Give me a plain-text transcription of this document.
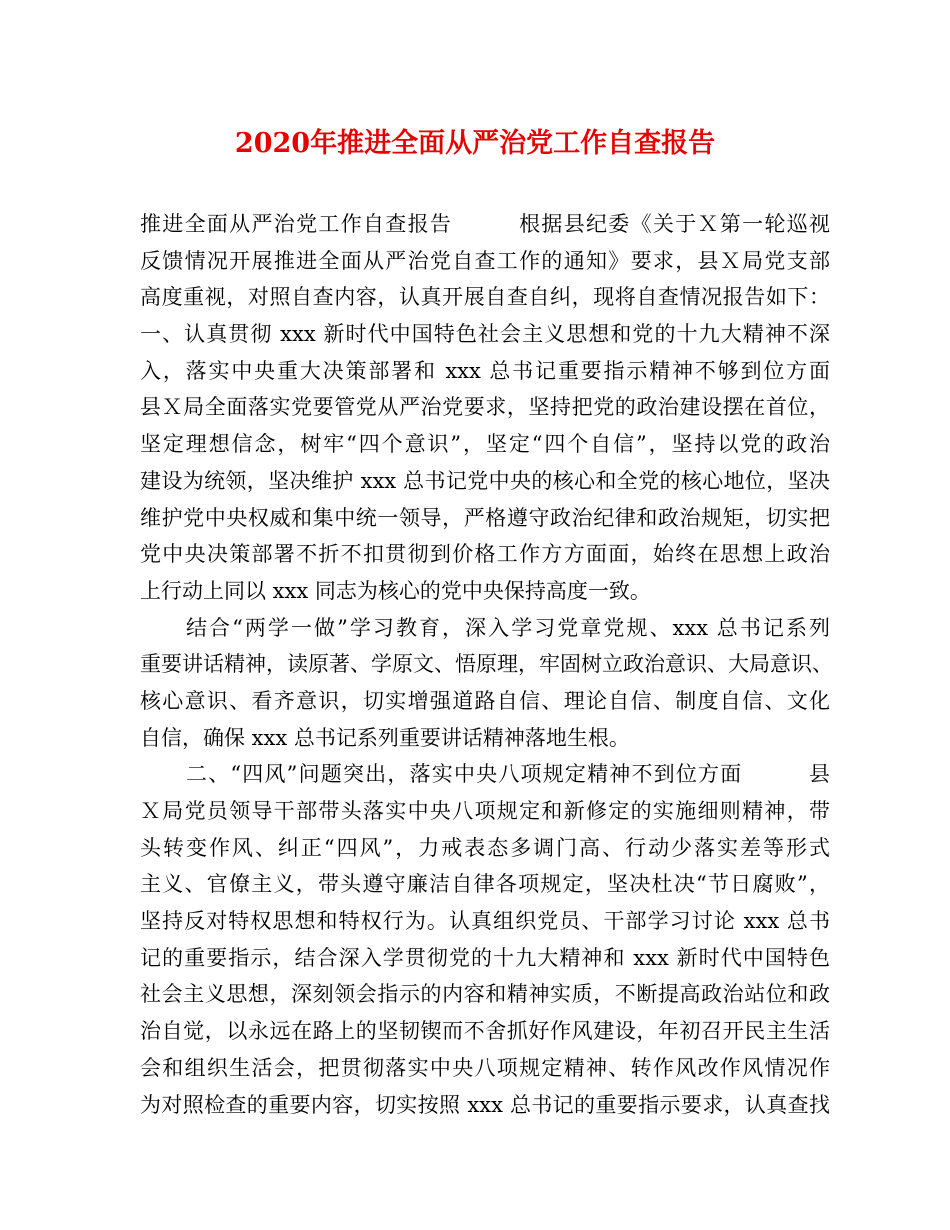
2020年推进全面从严治党工作自查报告
推进全面从严治党工作自查报告　　　根据县纪委《关于Ｘ第一轮巡视
反馈情况开展推进全面从严治党自查工作的通知》要求，县Ｘ局党支部
高度重视，对照自查内容，认真开展自查自纠，现将自查情况报告如下：
一、认真贯彻 xxx 新时代中国特色社会主义思想和党的十九大精神不深
入，落实中央重大决策部署和 xxx 总书记重要指示精神不够到位方面
县Ｘ局全面落实党要管党从严治党要求，坚持把党的政治建设摆在首位，
坚定理想信念，树牢“四个意识”，坚定“四个自信”，坚持以党的政治
建设为统领，坚决维护 xxx 总书记党中央的核心和全党的核心地位，坚决
维护党中央权威和集中统一领导，严格遵守政治纪律和政治规矩，切实把
党中央决策部署不折不扣贯彻到价格工作方方面面，始终在思想上政治
上行动上同以 xxx 同志为核心的党中央保持高度一致。
结合“两学一做”学习教育，深入学习党章党规、xxx 总书记系列
重要讲话精神，读原著、学原文、悟原理，牢固树立政治意识、大局意识、
核心意识、看齐意识，切实增强道路自信、理论自信、制度自信、文化
自信，确保 xxx 总书记系列重要讲话精神落地生根。
二、“四风”问题突出，落实中央八项规定精神不到位方面　　　县
Ｘ局党员领导干部带头落实中央八项规定和新修定的实施细则精神，带
头转变作风、纠正“四风”，力戒表态多调门高、行动少落实差等形式
主义、官僚主义，带头遵守廉洁自律各项规定，坚决杜决“节日腐败”，
坚持反对特权思想和特权行为。认真组织党员、干部学习讨论 xxx 总书
记的重要指示，结合深入学贯彻党的十九大精神和 xxx 新时代中国特色
社会主义思想，深刻领会指示的内容和精神实质，不断提高政治站位和政
治自觉，以永远在路上的坚韧锲而不舍抓好作风建设，年初召开民主生活
会和组织生活会，把贯彻落实中央八项规定精神、转作风改作风情况作
为对照检查的重要内容，切实按照 xxx 总书记的重要指示要求，认真查找
